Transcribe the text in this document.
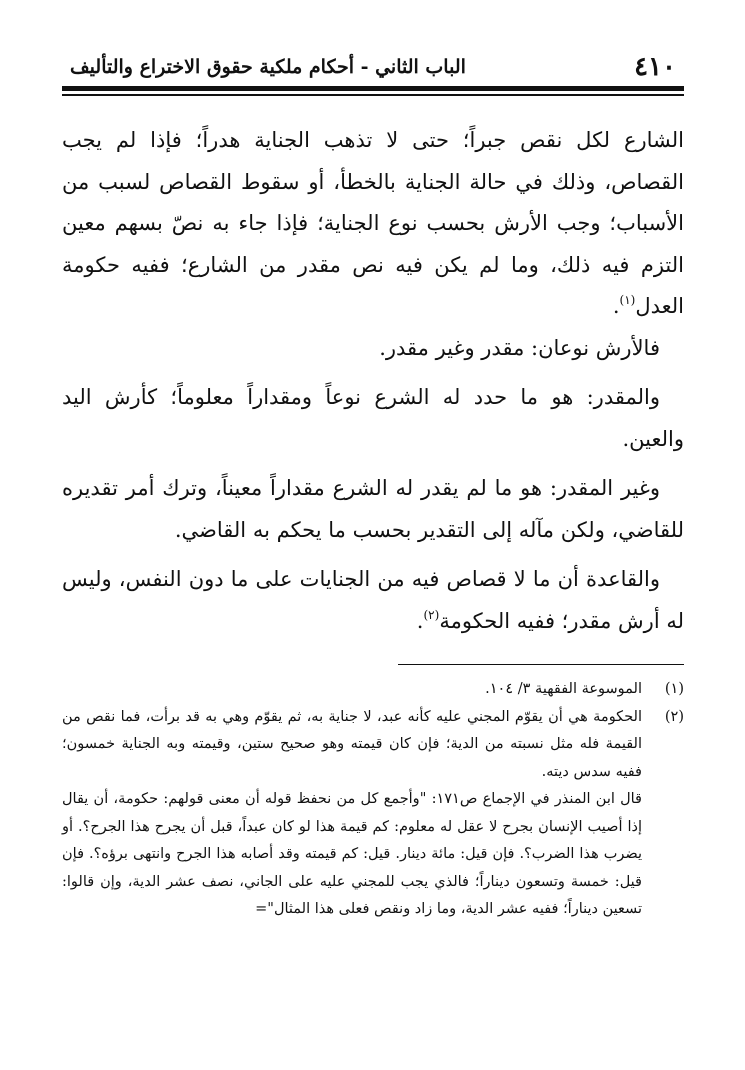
٤١٠
الباب الثاني - أحكام ملكية حقوق الاختراع والتأليف

الشارع لكل نقص جبراً؛ حتى لا تذهب الجناية هدراً؛ فإذا لم يجب القصاص، وذلك في حالة الجناية بالخطأ، أو سقوط القصاص لسبب من الأسباب؛ وجب الأرش بحسب نوع الجناية؛ فإذا جاء به نصّ بسهم معين التزم فيه ذلك، وما لم يكن فيه نص مقدر من الشارع؛ ففيه حكومة العدل$^{(١)}$.

فالأرش نوعان: مقدر وغير مقدر.

والمقدر: هو ما حدد له الشرع نوعاً ومقداراً معلوماً؛ كأرش اليد والعين.

وغير المقدر: هو ما لم يقدر له الشرع مقداراً معيناً، وترك أمر تقديره للقاضي، ولكن مآله إلى التقدير بحسب ما يحكم به القاضي.

والقاعدة أن ما لا قصاص فيه من الجنايات على ما دون النفس، وليس له أرش مقدر؛ ففيه الحكومة$^{(٢)}$.

(١)

الموسوعة الفقهية ٣/ ١٠٤.

(٢)

الحكومة هي أن يقوّم المجني عليه كأنه عبد، لا جناية به، ثم يقوّم وهي به قد برأت، فما نقص من القيمة فله مثل نسبته من الدية؛ فإن كان قيمته وهو صحيح ستين، وقيمته وبه الجناية خمسون؛ ففيه سدس ديته.

قال ابن المنذر في الإجماع ص١٧١: "وأجمع كل من نحفظ قوله أن معنى قولهم: حكومة، أن يقال إذا أصيب الإنسان بجرح لا عقل له معلوم: كم قيمة هذا لو كان عبداً، قبل أن يجرح هذا الجرح؟. أو يضرب هذا الضرب؟. فإن قيل: مائة دينار. قيل: كم قيمته وقد أصابه هذا الجرح وانتهى برؤه؟. فإن قيل: خمسة وتسعون ديناراً؛ فالذي يجب للمجني عليه على الجاني، نصف عشر الدية، وإن قالوا: تسعين ديناراً؛ ففيه عشر الدية، وما زاد ونقص فعلى هذا المثال"=
